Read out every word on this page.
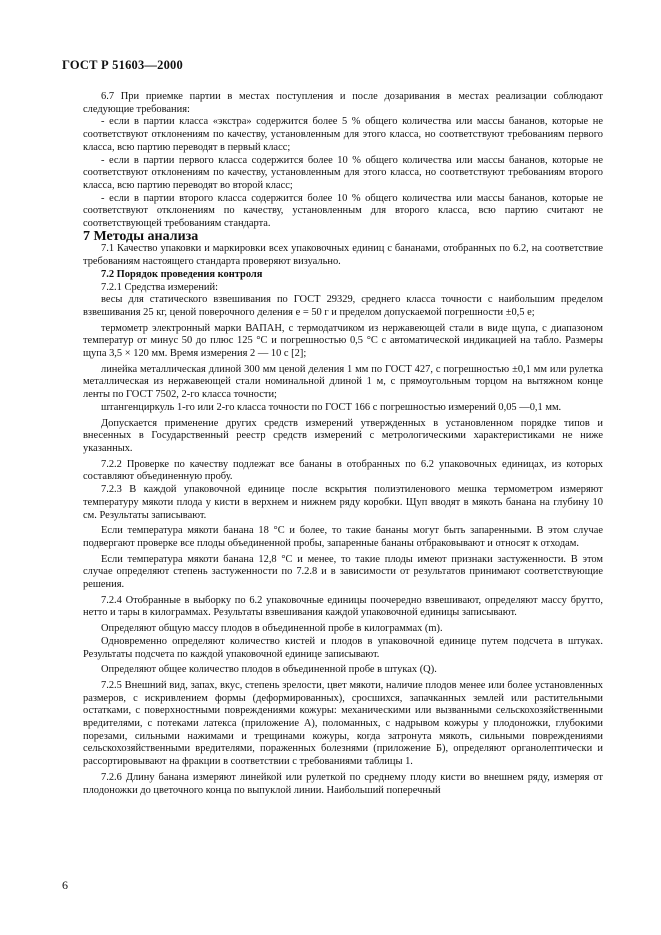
ГОСТ Р 51603—2000

6.7 При приемке партии в местах поступления и после дозаривания в местах реализации соблюдают следующие требования:

- если в партии класса «экстра» содержится более 5 % общего количества или массы бананов, которые не соответствуют отклонениям по качеству, установленным для этого класса, но соответствуют требованиям первого класса, всю партию переводят в первый класс;

- если в партии первого класса содержится более 10 % общего количества или массы бананов, которые не соответствуют отклонениям по качеству, установленным для этого класса, но соответствуют требованиям второго класса, всю партию переводят во второй класс;

- если в партии второго класса содержится более 10 % общего количества или массы бананов, которые не соответствуют отклонениям по качеству, установленным для второго класса, всю партию считают не соответствующей требованиям стандарта.

7 Методы анализа

7.1 Качество упаковки и маркировки всех упаковочных единиц с бананами, отобранных по 6.2, на соответствие требованиям настоящего стандарта проверяют визуально.

7.2 Порядок проведения контроля

7.2.1 Средства измерений:

весы для статического взвешивания по ГОСТ 29329, среднего класса точности с наибольшим пределом взвешивания 25 кг, ценой поверочного деления e = 50 г и пределом допускаемой погрешности ±0,5 e;

термометр электронный марки ВАПАН, с термодатчиком из нержавеющей стали в виде щупа, с диапазоном температур от минус 50 до плюс 125 °С и погрешностью 0,5 °С с автоматической индикацией на табло. Размеры щупа 3,5 × 120 мм. Время измерения 2 — 10 с [2];

линейка металлическая длиной 300 мм ценой деления 1 мм по ГОСТ 427, с погрешностью ±0,1 мм или рулетка металлическая из нержавеющей стали номинальной длиной 1 м, с прямоугольным торцом на вытяжном конце ленты по ГОСТ 7502, 2-го класса точности;

штангенциркуль 1-го или 2-го класса точности по ГОСТ 166 с погрешностью измерений 0,05 —0,1 мм.

Допускается применение других средств измерений утвержденных в установленном порядке типов и внесенных в Государственный реестр средств измерений с метрологическими характеристиками не ниже указанных.

7.2.2 Проверке по качеству подлежат все бананы в отобранных по 6.2 упаковочных единицах, из которых составляют объединенную пробу.

7.2.3 В каждой упаковочной единице после вскрытия полиэтиленового мешка термометром измеряют температуру мякоти плода у кисти в верхнем и нижнем ряду коробки. Щуп вводят в мякоть банана на глубину 10 см. Результаты записывают.

Если температура мякоти банана 18 °С и более, то такие бананы могут быть запаренными. В этом случае подвергают проверке все плоды объединенной пробы, запаренные бананы отбраковывают и относят к отходам.

Если температура мякоти банана 12,8 °С и менее, то такие плоды имеют признаки застуженности. В этом случае определяют степень застуженности по 7.2.8 и в зависимости от результатов принимают соответствующие решения.

7.2.4 Отобранные в выборку по 6.2 упаковочные единицы поочередно взвешивают, определяют массу брутто, нетто и тары в килограммах. Результаты взвешивания каждой упаковочной единицы записывают.

Определяют общую массу плодов в объединенной пробе в килограммах (m).

Одновременно определяют количество кистей и плодов в упаковочной единице путем подсчета в штуках. Результаты подсчета по каждой упаковочной единице записывают.

Определяют общее количество плодов в объединенной пробе в штуках (Q).

7.2.5 Внешний вид, запах, вкус, степень зрелости, цвет мякоти, наличие плодов менее или более установленных размеров, с искривлением формы (деформированных), сросшихся, запачканных землей или растительными остатками, с поверхностными повреждениями кожуры: механическими или вызванными сельскохозяйственными вредителями, с потеками латекса (приложение А), поломанных, с надрывом кожуры у плодоножки, глубокими порезами, сильными нажимами и трещинами кожуры, когда затронута мякоть, сильными повреждениями сельскохозяйственными вредителями, пораженных болезнями (приложение Б), определяют органолептически и рассортировывают на фракции в соответствии с требованиями таблицы 1.

7.2.6 Длину банана измеряют линейкой или рулеткой по среднему плоду кисти во внешнем ряду, измеряя от плодоножки до цветочного конца по выпуклой линии. Наибольший поперечный

6
